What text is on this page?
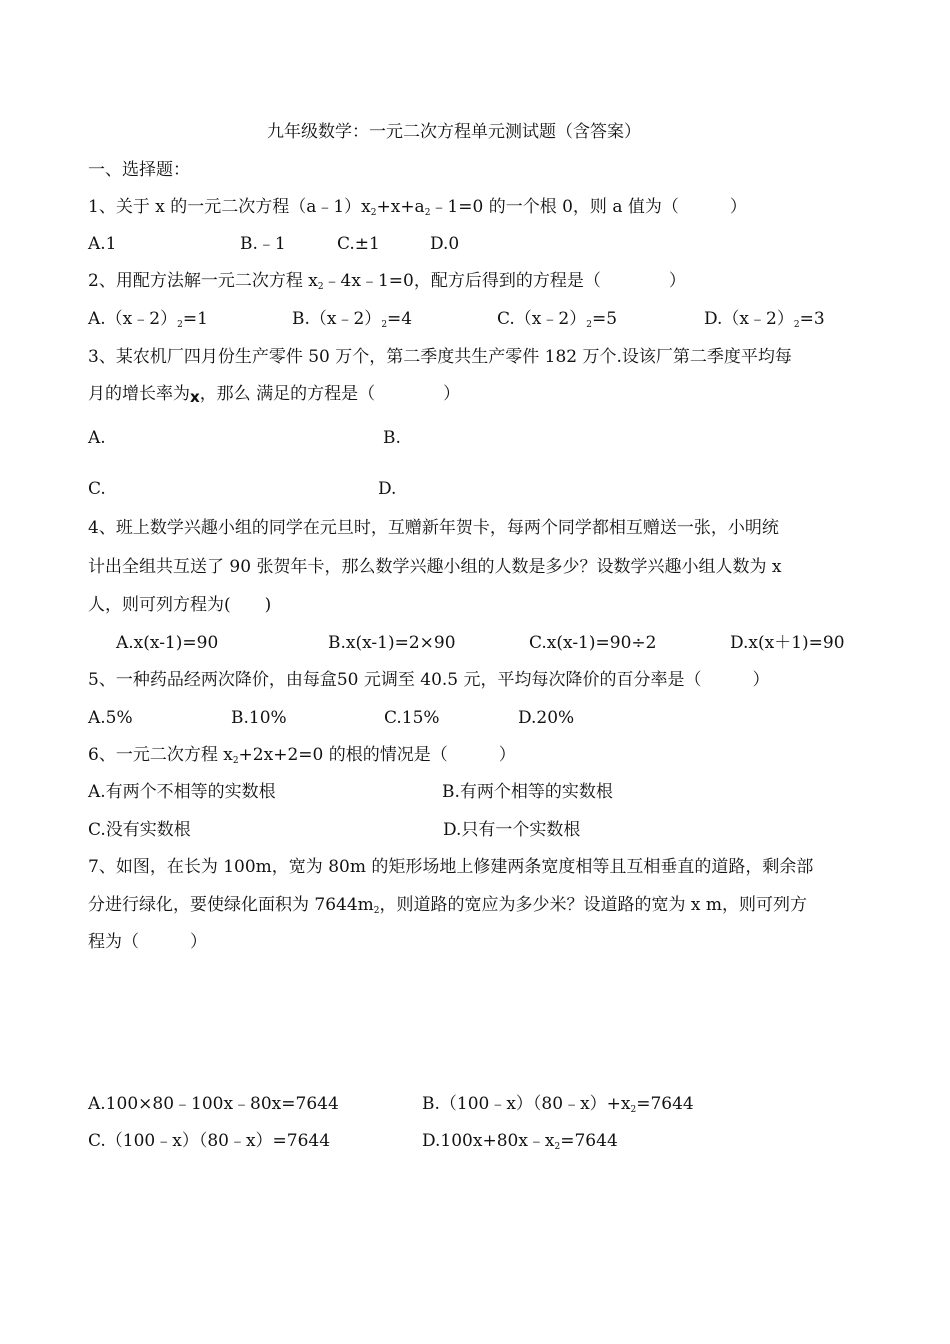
九年级数学：一元二次方程单元测试题（含答案）
一、选择题：
1、关于 x 的一元二次方程（a﹣1）x2+x+a2﹣1=0 的一个根 0，则 a 值为（　　　）
A.1	B.﹣1	C.±1	D.0
2、用配方法解一元二次方程 x2﹣4x﹣1=0，配方后得到的方程是（　　　　）
A.（x﹣2）2=1	B.（x﹣2）2=4	C.（x﹣2）2=5	D.（x﹣2）2=3
3、某农机厂四月份生产零件 50 万个，第二季度共生产零件 182 万个.设该厂第二季度平均每
月的增长率为x，那么 满足的方程是（　　　　）
A.	B.
C.	D.
4、班上数学兴趣小组的同学在元旦时，互赠新年贺卡，每两个同学都相互赠送一张，小明统
计出全组共互送了 90 张贺年卡，那么数学兴趣小组的人数是多少？设数学兴趣小组人数为 x
人，则可列方程为(　　)
A.x(x-1)=90	B.x(x-1)=2×90	C.x(x-1)=90÷2	D.x(x＋1)=90
5、一种药品经两次降价，由每盒50 元调至 40.5 元，平均每次降价的百分率是（　　　）
A.5%	B.10%	C.15%	D.20%
6、一元二次方程 x2+2x+2=0 的根的情况是（　　　）
A.有两个不相等的实数根	B.有两个相等的实数根
C.没有实数根	D.只有一个实数根
7、如图，在长为 100m，宽为 80m 的矩形场地上修建两条宽度相等且互相垂直的道路，剩余部
分进行绿化，要使绿化面积为 7644m2，则道路的宽应为多少米？设道路的宽为 x m，则可列方
程为（　　　）
A.100×80﹣100x﹣80x=7644	B.（100﹣x）（80﹣x）+x2=7644
C.（100﹣x）（80﹣x）=7644	D.100x+80x﹣x2=7644
